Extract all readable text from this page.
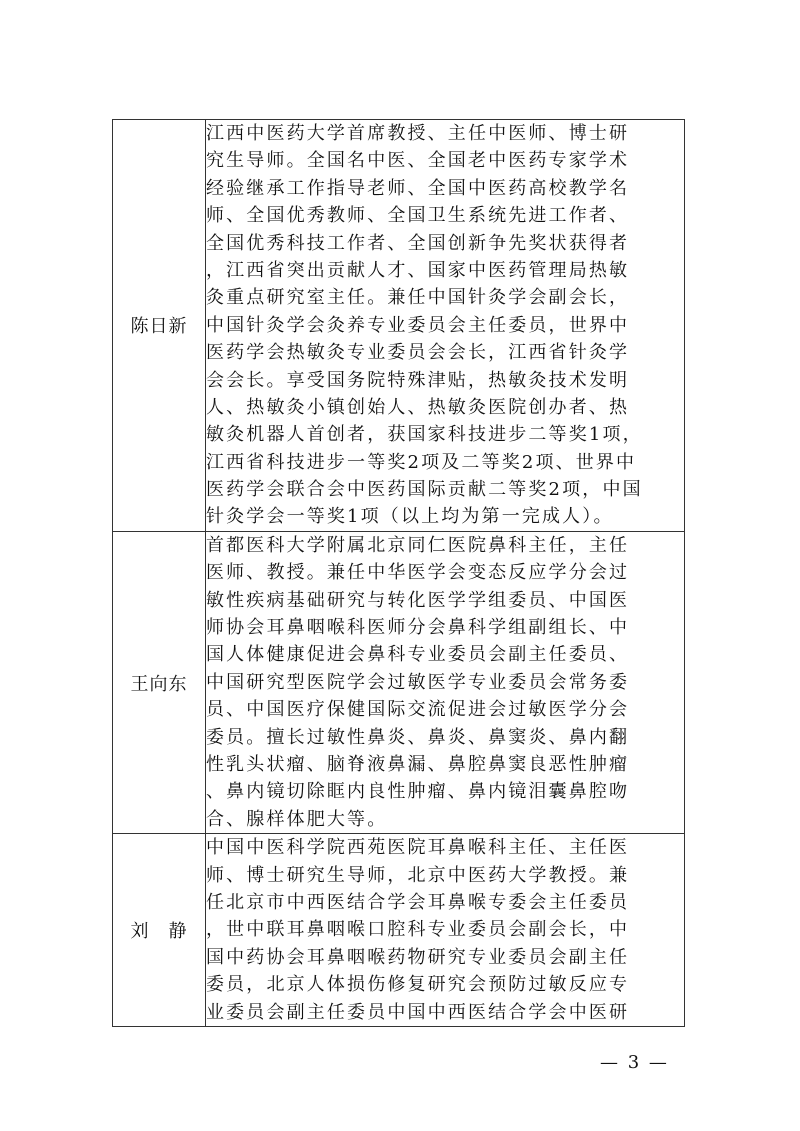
陈日新	
江西中医药大学首席教授、主任中医师、博士研
究生导师。全国名中医、全国老中医药专家学术
经验继承工作指导老师、全国中医药高校教学名
师、全国优秀教师、全国卫生系统先进工作者、
全国优秀科技工作者、全国创新争先奖状获得者
，江西省突出贡献人才、国家中医药管理局热敏
灸重点研究室主任。兼任中国针灸学会副会长，
中国针灸学会灸养专业委员会主任委员，世界中
医药学会热敏灸专业委员会会长，江西省针灸学
会会长。享受国务院特殊津贴，热敏灸技术发明
人、热敏灸小镇创始人、热敏灸医院创办者、热
敏灸机器人首创者，获国家科技进步二等奖1项，
江西省科技进步一等奖2项及二等奖2项、世界中
医药学会联合会中医药国际贡献二等奖2项，中国
针灸学会一等奖1项（以上均为第一完成人）。

王向东	
首都医科大学附属北京同仁医院鼻科主任，主任
医师、教授。兼任中华医学会变态反应学分会过
敏性疾病基础研究与转化医学学组委员、中国医
师协会耳鼻咽喉科医师分会鼻科学组副组长、中
国人体健康促进会鼻科专业委员会副主任委员、
中国研究型医院学会过敏医学专业委员会常务委
员、中国医疗保健国际交流促进会过敏医学分会
委员。擅长过敏性鼻炎、鼻炎、鼻窦炎、鼻内翻
性乳头状瘤、脑脊液鼻漏、鼻腔鼻窦良恶性肿瘤
、鼻内镜切除眶内良性肿瘤、鼻内镜泪囊鼻腔吻
合、腺样体肥大等。

刘　静	
中国中医科学院西苑医院耳鼻喉科主任、主任医
师、博士研究生导师，北京中医药大学教授。兼
任北京市中西医结合学会耳鼻喉专委会主任委员
，世中联耳鼻咽喉口腔科专业委员会副会长，中
国中药协会耳鼻咽喉药物研究专业委员会副主任
委员，北京人体损伤修复研究会预防过敏反应专
业委员会副主任委员中国中西医结合学会中医研
— 3 —
